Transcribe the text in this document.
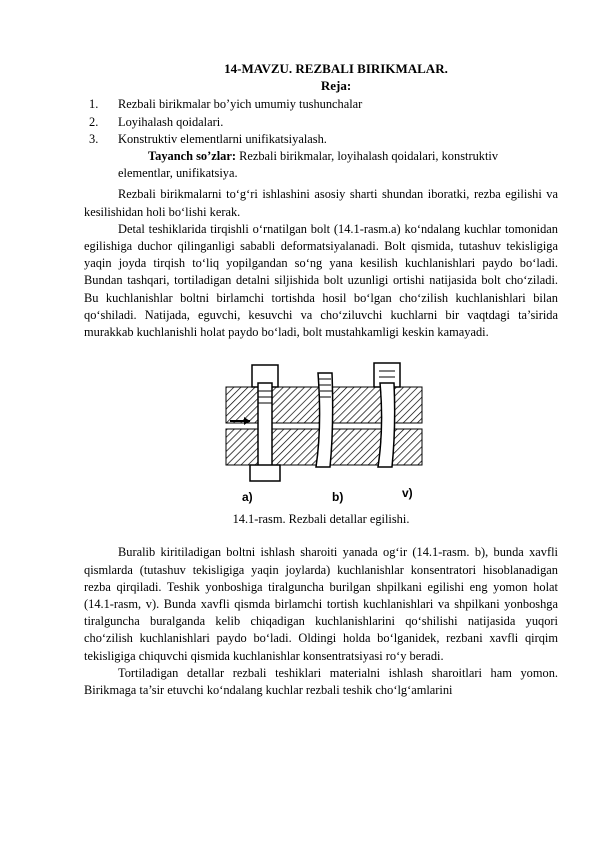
14-MAVZU. REZBALI BIRIKMALAR.
Reja:
1.	Rezbali birikmalar bo’yich umumiy tushunchalar
2.	Loyihalash qoidalari.
3.	Konstruktiv elementlarni unifikatsiyalash.

Tayanch so’zlar: Rezbali birikmalar, loyihalash qoidalari, konstruktiv

elementlar, unifikatsiya.

Rezbali birikmalarni to‘g‘ri ishlashini asosiy sharti shundan iboratki, rezba egilishi va kesilishidan holi bo‘lishi kerak.

Detal teshiklarida tirqishli o‘rnatilgan bolt (14.1-rasm.a) ko‘ndalang kuchlar tomonidan egilishiga duchor qilinganligi sababli deformatsiyalanadi. Bolt qismida, tutashuv tekisligiga yaqin joyda tirqish to‘liq yopilgandan so‘ng yana kesilish kuchlanishlari paydo bo‘ladi. Bundan tashqari, tortiladigan detalni siljishida bolt uzunligi ortishi natijasida bolt cho‘ziladi. Bu kuchlanishlar boltni birlamchi tortishda hosil bo‘lgan cho‘zilish kuchlanishlari bilan qo‘shiladi. Natijada, eguvchi, kesuvchi va cho‘ziluvchi kuchlarni bir vaqtdagi ta’sirida murakkab kuchlanishli holat paydo bo‘ladi, bolt mustahkamligi keskin kamayadi.

a)	b)	v)
14.1-rasm. Rezbali detallar egilishi.

Buralib kiritiladigan boltni ishlash sharoiti yanada og‘ir (14.1-rasm. b), bunda xavfli qismlarda (tutashuv tekisligiga yaqin joylarda) kuchlanishlar konsentratori hisoblanadigan rezba qirqiladi. Teshik yonboshiga tiralguncha burilgan shpilkani egilishi eng yomon holat (14.1-rasm, v). Bunda xavfli qismda birlamchi tortish kuchlanishlari va shpilkani yonboshga tiralguncha buralganda kelib chiqadigan kuchlanishlarini qo‘shilishi natijasida yuqori cho‘zilish kuchlanishlari paydo bo‘ladi. Oldingi holda bo‘lganidek, rezbani xavfli qirqim tekisligiga chiquvchi qismida kuchlanishlar konsentratsiyasi ro‘y beradi.

Tortiladigan detallar rezbali teshiklari materialni ishlash sharoitlari ham yomon. Birikmaga ta’sir etuvchi ko‘ndalang kuchlar rezbali teshik cho‘lg‘amlarini
